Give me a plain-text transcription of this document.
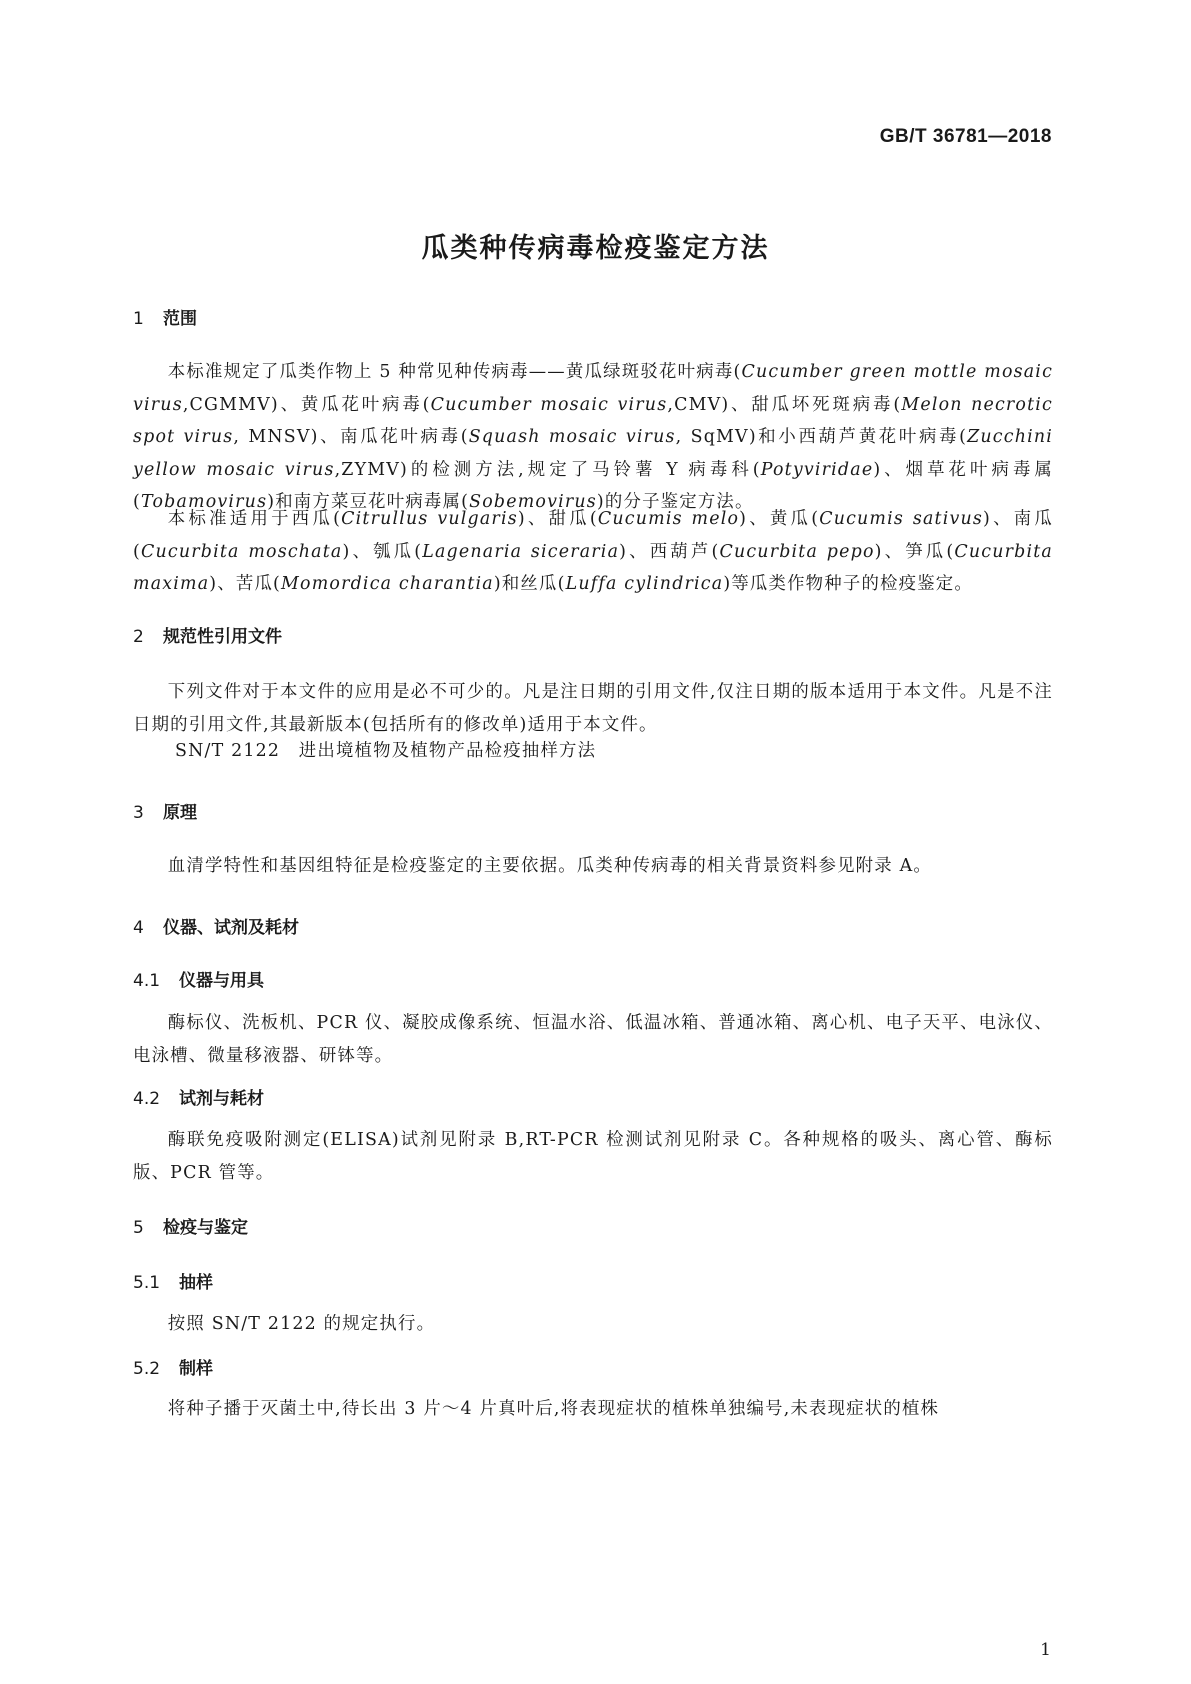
GB/T 36781—2018
瓜类种传病毒检疫鉴定方法
1 范围
本标准规定了瓜类作物上 5 种常见种传病毒——黄瓜绿斑驳花叶病毒(Cucumber green mottle mosaic virus,CGMMV)、黄瓜花叶病毒(Cucumber mosaic virus,CMV)、甜瓜坏死斑病毒(Melon necrotic spot virus, MNSV)、南瓜花叶病毒(Squash mosaic virus, SqMV)和小西葫芦黄花叶病毒(Zucchini yellow mosaic virus,ZYMV)的检测方法,规定了马铃薯 Y 病毒科(Potyviridae)、烟草花叶病毒属(Tobamovirus)和南方菜豆花叶病毒属(Sobemovirus)的分子鉴定方法。
本标准适用于西瓜(Citrullus vulgaris)、甜瓜(Cucumis melo)、黄瓜(Cucumis sativus)、南瓜(Cucurbita moschata)、瓠瓜(Lagenaria siceraria)、西葫芦(Cucurbita pepo)、笋瓜(Cucurbita maxima)、苦瓜(Momordica charantia)和丝瓜(Luffa cylindrica)等瓜类作物种子的检疫鉴定。
2 规范性引用文件
下列文件对于本文件的应用是必不可少的。凡是注日期的引用文件,仅注日期的版本适用于本文件。凡是不注日期的引用文件,其最新版本(包括所有的修改单)适用于本文件。
SN/T 2122　进出境植物及植物产品检疫抽样方法
3 原理
血清学特性和基因组特征是检疫鉴定的主要依据。瓜类种传病毒的相关背景资料参见附录 A。
4 仪器、试剂及耗材
4.1 仪器与用具
酶标仪、洗板机、PCR 仪、凝胶成像系统、恒温水浴、低温冰箱、普通冰箱、离心机、电子天平、电泳仪、电泳槽、微量移液器、研钵等。
4.2 试剂与耗材
酶联免疫吸附测定(ELISA)试剂见附录 B,RT-PCR 检测试剂见附录 C。各种规格的吸头、离心管、酶标版、PCR 管等。
5 检疫与鉴定
5.1 抽样
按照 SN/T 2122 的规定执行。
5.2 制样
将种子播于灭菌土中,待长出 3 片～4 片真叶后,将表现症状的植株单独编号,未表现症状的植株
1
